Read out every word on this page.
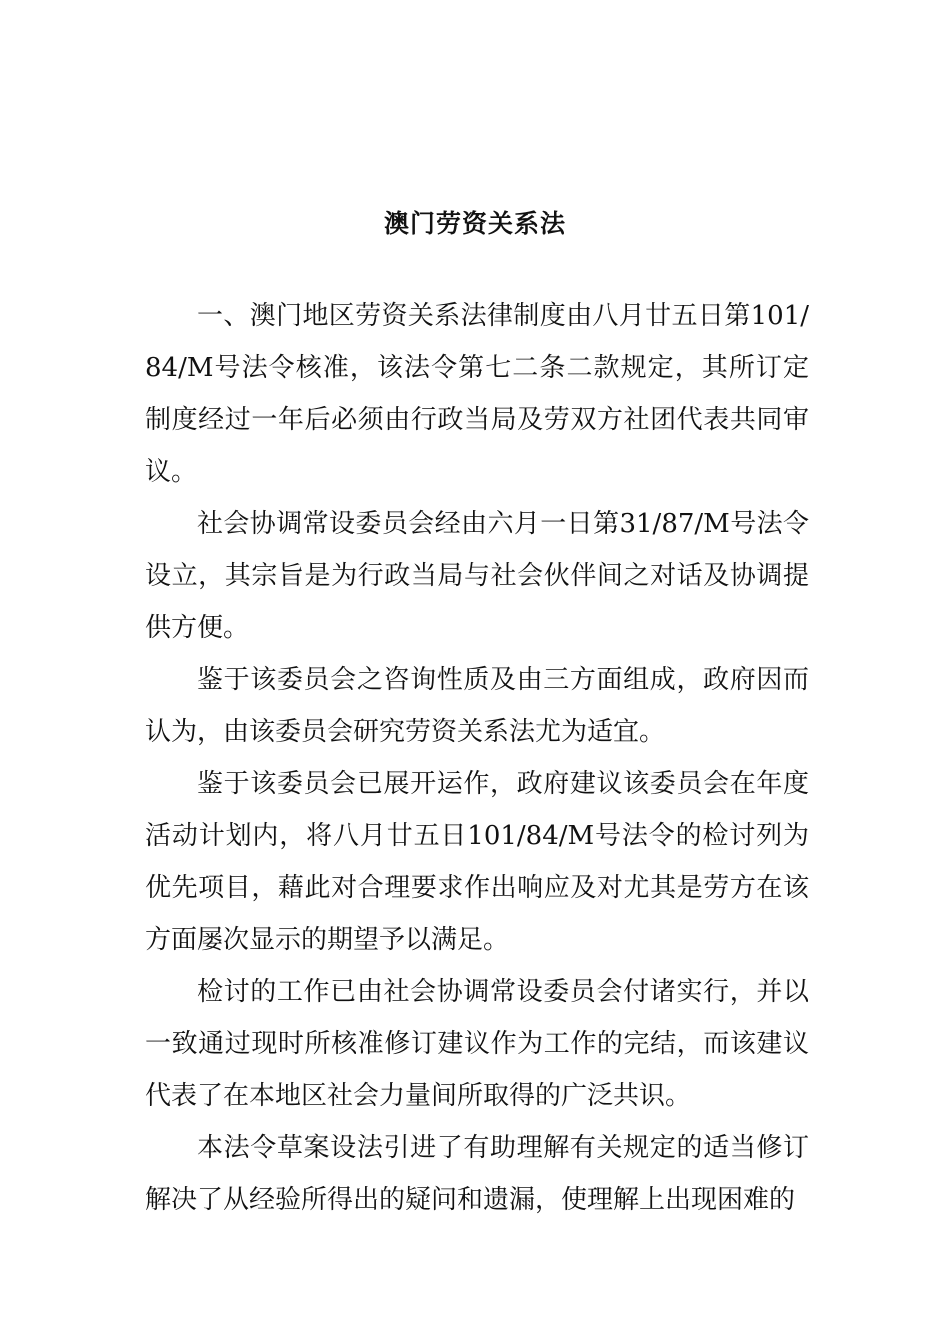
澳门劳资关系法

一、澳门地区劳资关系法律制度由八月廿五日第101/84/M号法令核准，该法令第七二条二款规定，其所订定制度经过一年后必须由行政当局及劳双方社团代表共同审议。

社会协调常设委员会经由六月一日第31/87/M号法令设立，其宗旨是为行政当局与社会伙伴间之对话及协调提供方便。

鉴于该委员会之咨询性质及由三方面组成，政府因而认为，由该委员会研究劳资关系法尤为适宜。

鉴于该委员会已展开运作，政府建议该委员会在年度活动计划内，将八月廿五日101/84/M号法令的检讨列为优先项目，藉此对合理要求作出响应及对尤其是劳方在该方面屡次显示的期望予以满足。

检讨的工作已由社会协调常设委员会付诸实行，并以一致通过现时所核准修订建议作为工作的完结，而该建议代表了在本地区社会力量间所取得的广泛共识。

本法令草案设法引进了有助理解有关规定的适当修订解决了从经验所得出的疑问和遗漏，使理解上出现困难的
